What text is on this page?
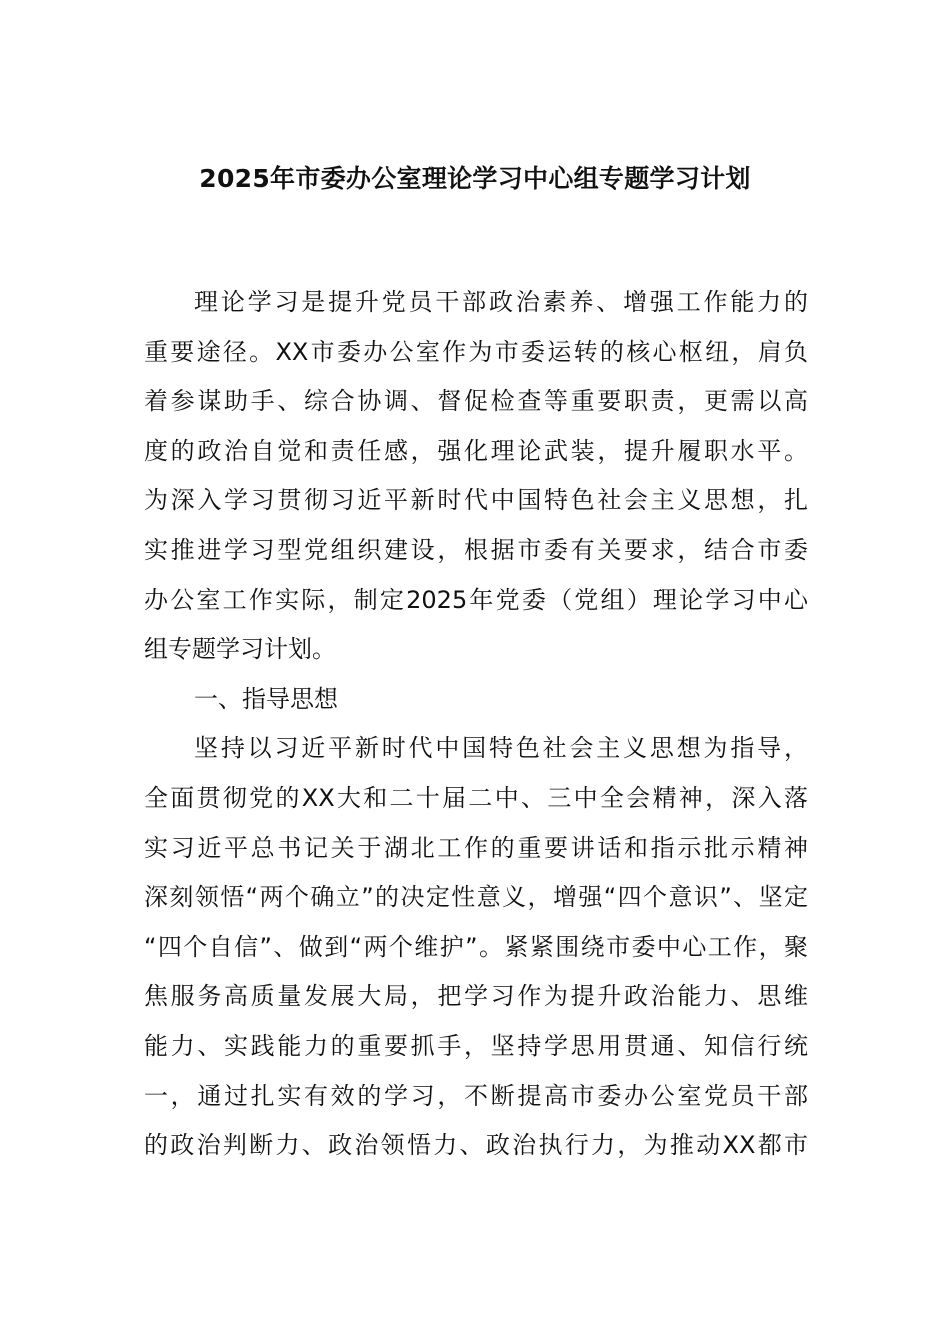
2025年市委办公室理论学习中心组专题学习计划
理论学习是提升党员干部政治素养、增强工作能力的
重要途径。XX市委办公室作为市委运转的核心枢纽，肩负
着参谋助手、综合协调、督促检查等重要职责，更需以高
度的政治自觉和责任感，强化理论武装，提升履职水平。
为深入学习贯彻习近平新时代中国特色社会主义思想，扎
实推进学习型党组织建设，根据市委有关要求，结合市委
办公室工作实际，制定2025年党委（党组）理论学习中心
组专题学习计划。
一、指导思想
坚持以习近平新时代中国特色社会主义思想为指导，
全面贯彻党的XX大和二十届二中、三中全会精神，深入落
实习近平总书记关于湖北工作的重要讲话和指示批示精神
深刻领悟“两个确立”的决定性意义，增强“四个意识”、坚定
“四个自信”、做到“两个维护”。紧紧围绕市委中心工作，聚
焦服务高质量发展大局，把学习作为提升政治能力、思维
能力、实践能力的重要抓手，坚持学思用贯通、知信行统
一，通过扎实有效的学习，不断提高市委办公室党员干部
的政治判断力、政治领悟力、政治执行力，为推动XX都市
